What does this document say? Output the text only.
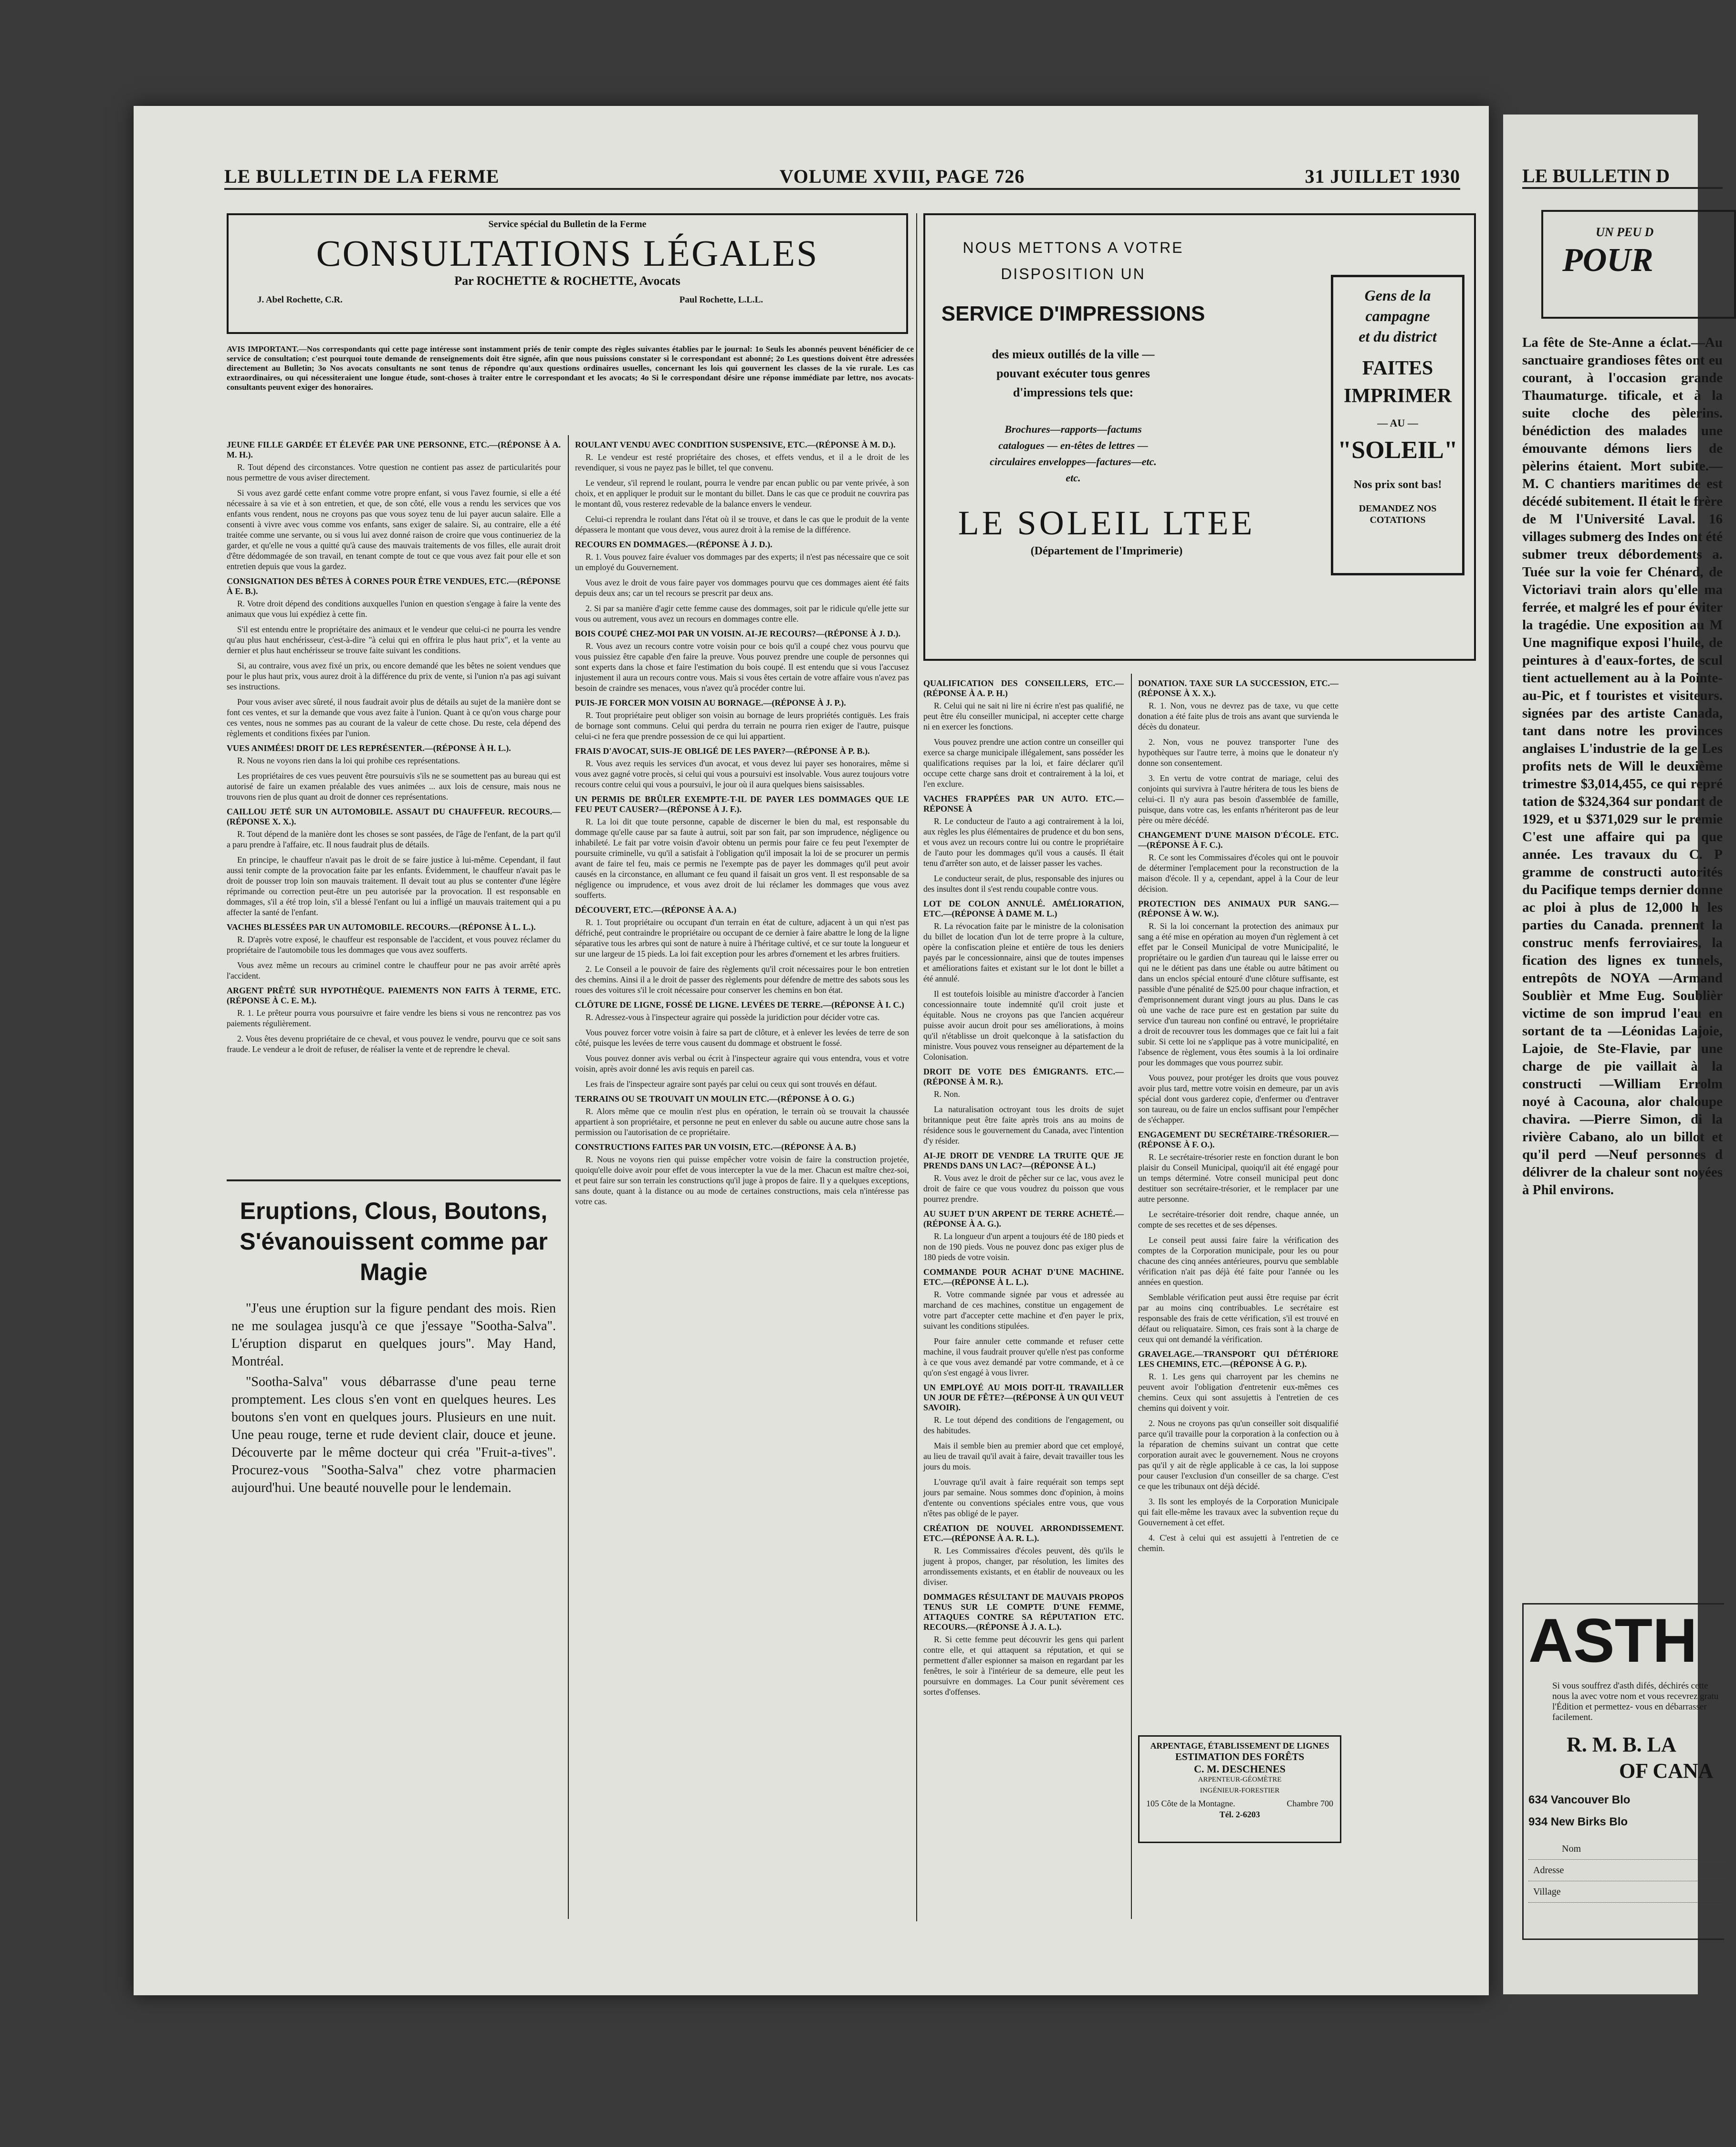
LE BULLETIN DE LA FERME	VOLUME XVIII, PAGE 726	31 JUILLET 1930
Service spécial du Bulletin de la Ferme
CONSULTATIONS LÉGALES
Par ROCHETTE & ROCHETTE, Avocats
J. Abel Rochette, C.R.	Paul Rochette, L.L.L.
AVIS IMPORTANT.—Nos correspondants qui cette page intéresse sont instamment priés de tenir compte des règles suivantes établies par le journal: 1o Seuls les abonnés peuvent bénéficier de ce service de consultation; c'est pourquoi toute demande de renseignements doit être signée, afin que nous puissions constater si le correspondant est abonné; 2o Les questions doivent être adressées directement au Bulletin; 3o Nos avocats consultants ne sont tenus de répondre qu'aux questions ordinaires usuelles, concernant les lois qui gouvernent les classes de la vie rurale. Les cas extraordinaires, ou qui nécessiteraient une longue étude, sont-choses à traiter entre le correspondant et les avocats; 4o Si le correspondant désire une réponse immédiate par lettre, nos avocats-consultants peuvent exiger des honoraires.
JEUNE FILLE GARDÉE ET ÉLEVÉE PAR UNE PERSONNE, ETC.—(RÉPONSE À A. M. H.).

R. Tout dépend des circonstances. Votre question ne contient pas assez de particularités pour nous permettre de vous aviser directement.

Si vous avez gardé cette enfant comme votre propre enfant, si vous l'avez fournie, si elle a été nécessaire à sa vie et à son entretien, et que, de son côté, elle vous a rendu les services que vos enfants vous rendent, nous ne croyons pas que vous soyez tenu de lui payer aucun salaire. Elle a consenti à vivre avec vous comme vos enfants, sans exiger de salaire. Si, au contraire, elle a été traitée comme une servante, ou si vous lui avez donné raison de croire que vous continueriez de la garder, et qu'elle ne vous a quitté qu'à cause des mauvais traitements de vos filles, elle aurait droit d'être dédommagée de son travail, en tenant compte de tout ce que vous avez fait pour elle et son entretien depuis que vous la gardez.

CONSIGNATION DES BÊTES À CORNES POUR ÊTRE VENDUES, ETC.—(RÉPONSE À E. B.).

R. Votre droit dépend des conditions auxquelles l'union en question s'engage à faire la vente des animaux que vous lui expédiez à cette fin.

S'il est entendu entre le propriétaire des animaux et le vendeur que celui-ci ne pourra les vendre qu'au plus haut enchérisseur, c'est-à-dire "à celui qui en offrira le plus haut prix", et la vente au dernier et plus haut enchérisseur se trouve faite suivant les conditions.

Si, au contraire, vous avez fixé un prix, ou encore demandé que les bêtes ne soient vendues que pour le plus haut prix, vous aurez droit à la différence du prix de vente, si l'union n'a pas agi suivant ses instructions.

Pour vous aviser avec sûreté, il nous faudrait avoir plus de détails au sujet de la manière dont se font ces ventes, et sur la demande que vous avez faite à l'union. Quant à ce qu'on vous charge pour ces ventes, nous ne sommes pas au courant de la valeur de cette chose. Du reste, cela dépend des règlements et conditions fixées par l'union.

VUES ANIMÉES! DROIT DE LES REPRÉSENTER.—(RÉPONSE À H. L.).

R. Nous ne voyons rien dans la loi qui prohibe ces représentations.

Les propriétaires de ces vues peuvent être poursuivis s'ils ne se soumettent pas au bureau qui est autorisé de faire un examen préalable des vues animées ... aux lois de censure, mais nous ne trouvons rien de plus quant au droit de donner ces représentations.

CAILLOU JETÉ SUR UN AUTOMOBILE. ASSAUT DU CHAUFFEUR. RECOURS.—(RÉPONSE X. X.).

R. Tout dépend de la manière dont les choses se sont passées, de l'âge de l'enfant, de la part qu'il a paru prendre à l'affaire, etc. Il nous faudrait plus de détails.

En principe, le chauffeur n'avait pas le droit de se faire justice à lui-même. Cependant, il faut aussi tenir compte de la provocation faite par les enfants. Évidemment, le chauffeur n'avait pas le droit de pousser trop loin son mauvais traitement. Il devait tout au plus se contenter d'une légère réprimande ou correction peut-être un peu autorisée par la provocation. Il est responsable en dommages, s'il a été trop loin, s'il a blessé l'enfant ou lui a infligé un mauvais traitement qui a pu affecter la santé de l'enfant.

VACHES BLESSÉES PAR UN AUTOMOBILE. RECOURS.—(RÉPONSE À L. L.).

R. D'après votre exposé, le chauffeur est responsable de l'accident, et vous pouvez réclamer du propriétaire de l'automobile tous les dommages que vous avez soufferts.

Vous avez même un recours au criminel contre le chauffeur pour ne pas avoir arrêté après l'accident.

ARGENT PRÊTÉ SUR HYPOTHÈQUE. PAIEMENTS NON FAITS À TERME, ETC. (RÉPONSE À C. E. M.).

R. 1. Le prêteur pourra vous poursuivre et faire vendre les biens si vous ne rencontrez pas vos paiements régulièrement.

2. Vous êtes devenu propriétaire de ce cheval, et vous pouvez le vendre, pourvu que ce soit sans fraude. Le vendeur a le droit de refuser, de réaliser la vente et de reprendre le cheval.

Eruptions, Clous, Boutons, S'évanouissent comme par Magie

"J'eus une éruption sur la figure pendant des mois. Rien ne me soulagea jusqu'à ce que j'essaye "Sootha-Salva". L'éruption disparut en quelques jours". May Hand, Montréal.

"Sootha-Salva" vous débarrasse d'une peau terne promptement. Les clous s'en vont en quelques heures. Les boutons s'en vont en quelques jours. Plusieurs en une nuit. Une peau rouge, terne et rude devient clair, douce et jeune. Découverte par le même docteur qui créa "Fruit-a-tives". Procurez-vous "Sootha-Salva" chez votre pharmacien aujourd'hui. Une beauté nouvelle pour le lendemain.

ROULANT VENDU AVEC CONDITION SUSPENSIVE, ETC.—(RÉPONSE À M. D.).

R. Le vendeur est resté propriétaire des choses, et effets vendus, et il a le droit de les revendiquer, si vous ne payez pas le billet, tel que convenu.

Le vendeur, s'il reprend le roulant, pourra le vendre par encan public ou par vente privée, à son choix, et en appliquer le produit sur le montant du billet. Dans le cas que ce produit ne couvrira pas le montant dû, vous resterez redevable de la balance envers le vendeur.

Celui-ci reprendra le roulant dans l'état où il se trouve, et dans le cas que le produit de la vente dépassera le montant que vous devez, vous aurez droit à la remise de la différence.

RECOURS EN DOMMAGES.—(RÉPONSE À J. D.).

R. 1. Vous pouvez faire évaluer vos dommages par des experts; il n'est pas nécessaire que ce soit un employé du Gouvernement.

Vous avez le droit de vous faire payer vos dommages pourvu que ces dommages aient été faits depuis deux ans; car un tel recours se prescrit par deux ans.

2. Si par sa manière d'agir cette femme cause des dommages, soit par le ridicule qu'elle jette sur vous ou autrement, vous avez un recours en dommages contre elle.

BOIS COUPÉ CHEZ-MOI PAR UN VOISIN. AI-JE RECOURS?—(RÉPONSE À J. D.).

R. Vous avez un recours contre votre voisin pour ce bois qu'il a coupé chez vous pourvu que vous puissiez être capable d'en faire la preuve. Vous pouvez prendre une couple de personnes qui sont experts dans la chose et faire l'estimation du bois coupé. Il est entendu que si vous l'accusez injustement il aura un recours contre vous. Mais si vous êtes certain de votre affaire vous n'avez pas besoin de craindre ses menaces, vous n'avez qu'à procéder contre lui.

PUIS-JE FORCER MON VOISIN AU BORNAGE.—(RÉPONSE À J. P.).

R. Tout propriétaire peut obliger son voisin au bornage de leurs propriétés contiguës. Les frais de bornage sont communs. Celui qui perdra du terrain ne pourra rien exiger de l'autre, puisque celui-ci ne fera que prendre possession de ce qui lui appartient.

FRAIS D'AVOCAT, SUIS-JE OBLIGÉ DE LES PAYER?—(RÉPONSE À P. B.).

R. Vous avez requis les services d'un avocat, et vous devez lui payer ses honoraires, même si vous avez gagné votre procès, si celui qui vous a poursuivi est insolvable. Vous aurez toujours votre recours contre celui qui vous a poursuivi, le jour où il aura quelques biens saisissables.

UN PERMIS DE BRÛLER EXEMPTE-T-IL DE PAYER LES DOMMAGES QUE LE FEU PEUT CAUSER?—(RÉPONSE À J. F.).

R. La loi dit que toute personne, capable de discerner le bien du mal, est responsable du dommage qu'elle cause par sa faute à autrui, soit par son fait, par son imprudence, négligence ou inhabileté. Le fait par votre voisin d'avoir obtenu un permis pour faire ce feu peut l'exempter de poursuite criminelle, vu qu'il a satisfait à l'obligation qu'il imposait la loi de se procurer un permis avant de faire tel feu, mais ce permis ne l'exempte pas de payer les dommages qu'il peut avoir causés en la circonstance, en allumant ce feu quand il faisait un gros vent. Il est responsable de sa négligence ou imprudence, et vous avez droit de lui réclamer les dommages que vous avez soufferts.

DÉCOUVERT, ETC.—(RÉPONSE À A. A.)

R. 1. Tout propriétaire ou occupant d'un terrain en état de culture, adjacent à un qui n'est pas défriché, peut contraindre le propriétaire ou occupant de ce dernier à faire abattre le long de la ligne séparative tous les arbres qui sont de nature à nuire à l'héritage cultivé, et ce sur toute la longueur et sur une largeur de 15 pieds. La loi fait exception pour les arbres d'ornement et les arbres fruitiers.

2. Le Conseil a le pouvoir de faire des règlements qu'il croit nécessaires pour le bon entretien des chemins. Ainsi il a le droit de passer des règlements pour défendre de mettre des sabots sous les roues des voitures s'il le croit nécessaire pour conserver les chemins en bon état.

CLÔTURE DE LIGNE, FOSSÉ DE LIGNE. LEVÉES DE TERRE.—(RÉPONSE À I. C.)

R. Adressez-vous à l'inspecteur agraire qui possède la juridiction pour décider votre cas.

Vous pouvez forcer votre voisin à faire sa part de clôture, et à enlever les levées de terre de son côté, puisque les levées de terre vous causent du dommage et obstruent le fossé.

Vous pouvez donner avis verbal ou écrit à l'inspecteur agraire qui vous entendra, vous et votre voisin, après avoir donné les avis requis en pareil cas.

Les frais de l'inspecteur agraire sont payés par celui ou ceux qui sont trouvés en défaut.

TERRAINS OU SE TROUVAIT UN MOULIN ETC.—(RÉPONSE À O. G.)

R. Alors même que ce moulin n'est plus en opération, le terrain où se trouvait la chaussée appartient à son propriétaire, et personne ne peut en enlever du sable ou aucune autre chose sans la permission ou l'autorisation de ce propriétaire.

CONSTRUCTIONS FAITES PAR UN VOISIN, ETC.—(RÉPONSE À A. B.)

R. Nous ne voyons rien qui puisse empêcher votre voisin de faire la construction projetée, quoiqu'elle doive avoir pour effet de vous intercepter la vue de la mer. Chacun est maître chez-soi, et peut faire sur son terrain les constructions qu'il juge à propos de faire. Il y a quelques exceptions, sans doute, quant à la distance ou au mode de certaines constructions, mais cela n'intéresse pas votre cas.

NOUS METTONS A VOTRE
DISPOSITION UN
SERVICE D'IMPRESSIONS
des mieux outillés de la ville — pouvant exécuter tous genres d'impressions tels que:
Brochures—rapports—factums catalogues — en-têtes de lettres — circulaires enveloppes—factures—etc. etc.
LE SOLEIL LTEE
(Département de l'Imprimerie)
Gens de la
campagne
et du district
FAITES
IMPRIMER
— AU —
"SOLEIL"
Nos prix sont bas!
DEMANDEZ NOS COTATIONS
QUALIFICATION DES CONSEILLERS, ETC.—(RÉPONSE À A. P. H.)

R. Celui qui ne sait ni lire ni écrire n'est pas qualifié, ne peut être élu conseiller municipal, ni accepter cette charge ni en exercer les fonctions.

Vous pouvez prendre une action contre un conseiller qui exerce sa charge municipale illégalement, sans posséder les qualifications requises par la loi, et faire déclarer qu'il occupe cette charge sans droit et contrairement à la loi, et l'en exclure.

VACHES FRAPPÉES PAR UN AUTO. ETC.—RÉPONSE À

R. Le conducteur de l'auto a agi contrairement à la loi, aux règles les plus élémentaires de prudence et du bon sens, et vous avez un recours contre lui ou contre le propriétaire de l'auto pour les dommages qu'il vous a causés. Il était tenu d'arrêter son auto, et de laisser passer les vaches.

Le conducteur serait, de plus, responsable des injures ou des insultes dont il s'est rendu coupable contre vous.

LOT DE COLON ANNULÉ. AMÉLIORATION, ETC.—(RÉPONSE À DAME M. L.)

R. La révocation faite par le ministre de la colonisation du billet de location d'un lot de terre propre à la culture, opère la confiscation pleine et entière de tous les deniers payés par le concessionnaire, ainsi que de toutes impenses et améliorations faites et existant sur le lot dont le billet a été annulé.

Il est toutefois loisible au ministre d'accorder à l'ancien concessionnaire toute indemnité qu'il croit juste et équitable. Nous ne croyons pas que l'ancien acquéreur puisse avoir aucun droit pour ses améliorations, à moins qu'il n'établisse un droit quelconque à la satisfaction du ministre. Vous pouvez vous renseigner au département de la Colonisation.

DROIT DE VOTE DES ÉMIGRANTS. ETC.—(RÉPONSE À M. R.).

R. Non.

La naturalisation octroyant tous les droits de sujet britannique peut être faite après trois ans au moins de résidence sous le gouvernement du Canada, avec l'intention d'y résider.

AI-JE DROIT DE VENDRE LA TRUITE QUE JE PRENDS DANS UN LAC?—(RÉPONSE À L.)

R. Vous avez le droit de pêcher sur ce lac, vous avez le droit de faire ce que vous voudrez du poisson que vous pourrez prendre.

AU SUJET D'UN ARPENT DE TERRE ACHETÉ.—(RÉPONSE À A. G.).

R. La longueur d'un arpent a toujours été de 180 pieds et non de 190 pieds. Vous ne pouvez donc pas exiger plus de 180 pieds de votre voisin.

COMMANDE POUR ACHAT D'UNE MACHINE. ETC.—(RÉPONSE À L. L.).

R. Votre commande signée par vous et adressée au marchand de ces machines, constitue un engagement de votre part d'accepter cette machine et d'en payer le prix, suivant les conditions stipulées.

Pour faire annuler cette commande et refuser cette machine, il vous faudrait prouver qu'elle n'est pas conforme à ce que vous avez demandé par votre commande, et à ce qu'on s'est engagé à vous livrer.

UN EMPLOYÉ AU MOIS DOIT-IL TRAVAILLER UN JOUR DE FÊTE?—(RÉPONSE À UN QUI VEUT SAVOIR).

R. Le tout dépend des conditions de l'engagement, ou des habitudes.

Mais il semble bien au premier abord que cet employé, au lieu de travail qu'il avait à faire, devait travailler tous les jours du mois.

L'ouvrage qu'il avait à faire requérait son temps sept jours par semaine. Nous sommes donc d'opinion, à moins d'entente ou conventions spéciales entre vous, que vous n'êtes pas obligé de le payer.

CRÉATION DE NOUVEL ARRONDISSEMENT. ETC.—(RÉPONSE À A. R. L.).

R. Les Commissaires d'écoles peuvent, dès qu'ils le jugent à propos, changer, par résolution, les limites des arrondissements existants, et en établir de nouveaux ou les diviser.

DOMMAGES RÉSULTANT DE MAUVAIS PROPOS TENUS SUR LE COMPTE D'UNE FEMME, ATTAQUES CONTRE SA RÉPUTATION ETC. RECOURS.—(RÉPONSE À J. A. L.).

R. Si cette femme peut découvrir les gens qui parlent contre elle, et qui attaquent sa réputation, et qui se permettent d'aller espionner sa maison en regardant par les fenêtres, le soir à l'intérieur de sa demeure, elle peut les poursuivre en dommages. La Cour punit sévèrement ces sortes d'offenses.

DONATION. TAXE SUR LA SUCCESSION, ETC.—(RÉPONSE À X. X.).

R. 1. Non, vous ne devrez pas de taxe, vu que cette donation a été faite plus de trois ans avant que survienda le décès du donateur.

2. Non, vous ne pouvez transporter l'une des hypothèques sur l'autre terre, à moins que le donateur n'y donne son consentement.

3. En vertu de votre contrat de mariage, celui des conjoints qui survivra à l'autre héritera de tous les biens de celui-ci. Il n'y aura pas besoin d'assemblée de famille, puisque, dans votre cas, les enfants n'hériteront pas de leur père ou mère décédé.

CHANGEMENT D'UNE MAISON D'ÉCOLE. ETC.—(RÉPONSE À F. C.).

R. Ce sont les Commissaires d'écoles qui ont le pouvoir de déterminer l'emplacement pour la reconstruction de la maison d'école. Il y a, cependant, appel à la Cour de leur décision.

PROTECTION DES ANIMAUX PUR SANG.—(RÉPONSE À W. W.).

R. Si la loi concernant la protection des animaux pur sang a été mise en opération au moyen d'un règlement à cet effet par le Conseil Municipal de votre Municipalité, le propriétaire ou le gardien d'un taureau qui le laisse errer ou qui ne le détient pas dans une étable ou autre bâtiment ou dans un enclos spécial entouré d'une clôture suffisante, est passible d'une pénalité de $25.00 pour chaque infraction, et d'emprisonnement durant vingt jours au plus. Dans le cas où une vache de race pure est en gestation par suite du service d'un taureau non confiné ou entravé, le propriétaire a droit de recouvrer tous les dommages que ce fait lui a fait subir. Si cette loi ne s'applique pas à votre municipalité, en l'absence de règlement, vous êtes soumis à la loi ordinaire pour les dommages que vous pourrez subir.

Vous pouvez, pour protéger les droits que vous pouvez avoir plus tard, mettre votre voisin en demeure, par un avis spécial dont vous garderez copie, d'enfermer ou d'entraver son taureau, ou de faire un enclos suffisant pour l'empêcher de s'échapper.

ENGAGEMENT DU SECRÉTAIRE-TRÉSORIER.—(RÉPONSE À F. O.).

R. Le secrétaire-trésorier reste en fonction durant le bon plaisir du Conseil Municipal, quoiqu'il ait été engagé pour un temps déterminé. Votre conseil municipal peut donc destituer son secrétaire-trésorier, et le remplacer par une autre personne.

Le secrétaire-trésorier doit rendre, chaque année, un compte de ses recettes et de ses dépenses.

Le conseil peut aussi faire faire la vérification des comptes de la Corporation municipale, pour les ou pour chacune des cinq années antérieures, pourvu que semblable vérification n'ait pas déjà été faite pour l'année ou les années en question.

Semblable vérification peut aussi être requise par écrit par au moins cinq contribuables. Le secrétaire est responsable des frais de cette vérification, s'il est trouvé en défaut ou reliquataire. Simon, ces frais sont à la charge de ceux qui ont demandé la vérification.

GRAVELAGE.—TRANSPORT QUI DÉTÉRIORE LES CHEMINS, ETC.—(RÉPONSE À G. P.).

R. 1. Les gens qui charroyent par les chemins ne peuvent avoir l'obligation d'entretenir eux-mêmes ces chemins. Ceux qui sont assujettis à l'entretien de ces chemins qui doivent y voir.

2. Nous ne croyons pas qu'un conseiller soit disqualifié parce qu'il travaille pour la corporation à la confection ou à la réparation de chemins suivant un contrat que cette corporation aurait avec le gouvernement. Nous ne croyons pas qu'il y ait de règle applicable à ce cas, la loi suppose pour causer l'exclusion d'un conseiller de sa charge. C'est ce que les tribunaux ont déjà décidé.

3. Ils sont les employés de la Corporation Municipale qui fait elle-même les travaux avec la subvention reçue du Gouvernement à cet effet.

4. C'est à celui qui est assujetti à l'entretien de ce chemin.

ARPENTAGE, ÉTABLISSEMENT DE LIGNES
ESTIMATION DES FORÊTS
C. M. DESCHENES
ARPENTEUR-GÉOMÈTRE
INGÉNIEUR-FORESTIER
105 Côte de la Montagne.	Chambre 700
Tél. 2-6203
LE BULLETIN D
UN PEU D
POUR
La fête de Ste-Anne a éclat.—Au sanctuaire grandioses fêtes ont eu courant, à l'occasion grande Thaumaturge. tificale, et à la suite cloche des pèlerins. bénédiction des malades une émouvante démons liers de pèlerins étaient. Mort subite.—M. C chantiers maritimes de est décédé subitement. Il était le frère de M l'Université Laval. 16 villages submerg des Indes ont été submer treux débordements a. Tuée sur la voie fer Chénard, de Victoriavi train alors qu'elle ma ferrée, et malgré les ef pour éviter la tragédie. Une exposition au M Une magnifique exposi l'huile, de peintures à d'eaux-fortes, de scul tient actuellement au à la Pointe-au-Pic, et f touristes et visiteurs. signées par des artiste Canada, tant dans notre les provinces anglaises L'industrie de la ge Les profits nets de Will le deuxième trimestre $3,014,455, ce qui repré tation de $324,364 sur pondant de 1929, et u $371,029 sur le premie C'est une affaire qui pa que année. Les travaux du C. P gramme de constructi autorités du Pacifique temps dernier donne ac ploi à plus de 12,000 h les parties du Canada. prennent la construc menfs ferroviaires, la fication des lignes ex tunnels, entrepôts de NOYA —Armand Soublièr et Mme Eug. Soublièr victime de son imprud l'eau en sortant de ta —Léonidas Lajoie, Lajoie, de Ste-Flavie, par une charge de pie vaillait à la constructi —William Errolm noyé à Cacouna, alor chaloupe chavira. —Pierre Simon, di la rivière Cabano, alo un billot et qu'il perd —Neuf personnes d délivrer de la chaleur sont noyées à Phil environs.
ASTH
Si vous souffrez d'asth difés, déchirés cette nous la avec votre nom et vous recevrez gratu l'Édition et permettez- vous en débarrasser facilement.
R. M. B. LA
OF CANA
634 Vancouver Blo
934 New Birks Blo
Nom
Adresse
Village
